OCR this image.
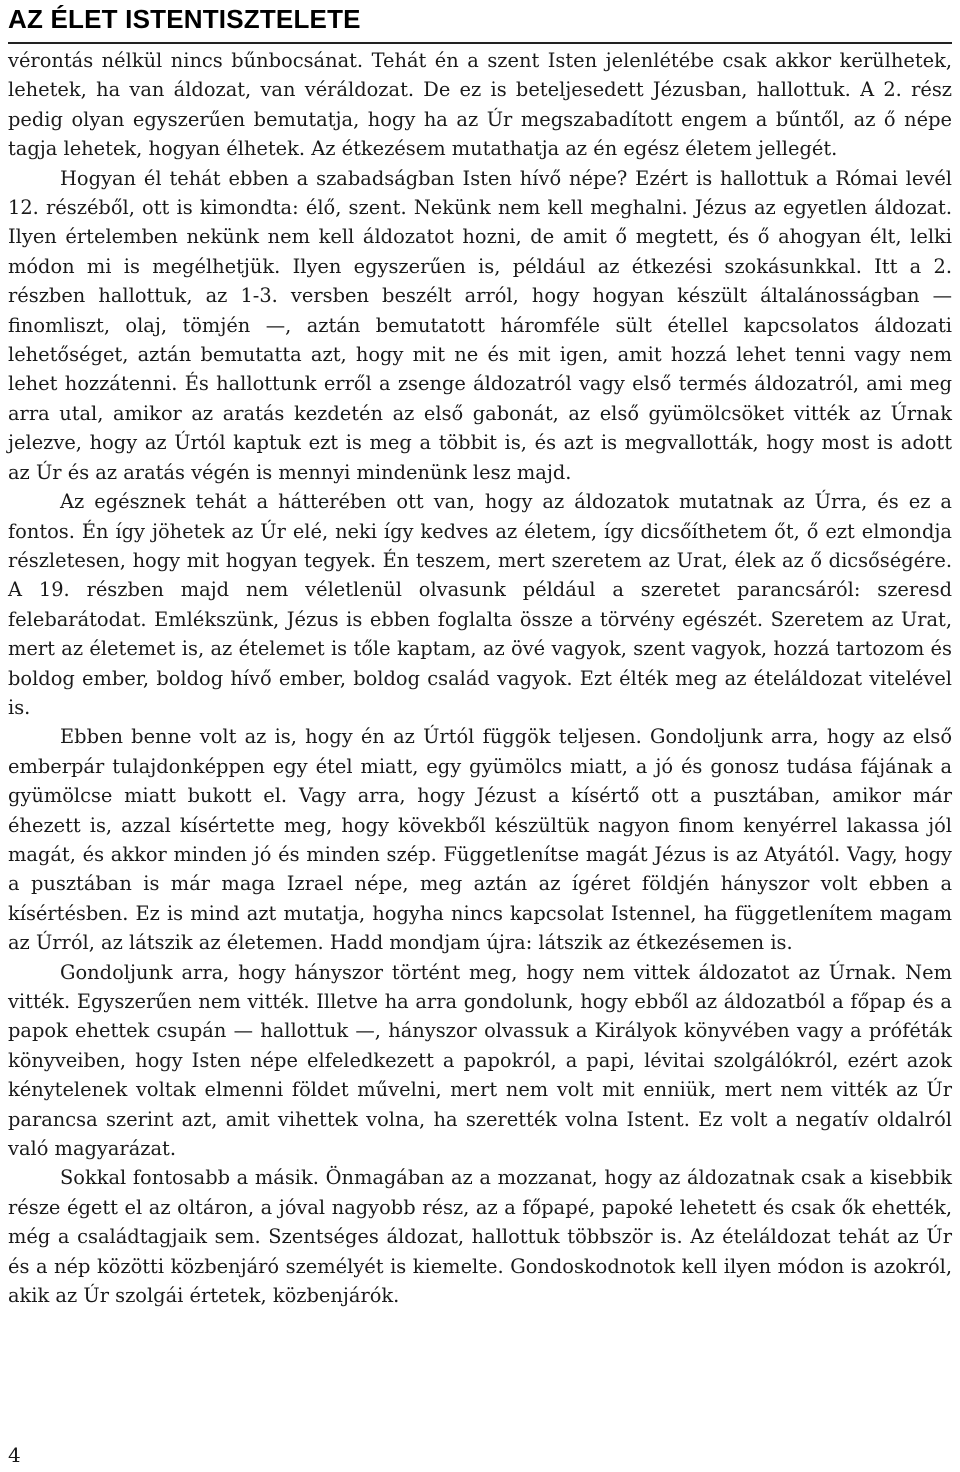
AZ ÉLET ISTENTISZTELETE

vérontás nélkül nincs bűnbocsánat. Tehát én a szent Isten jelenlétébe csak akkor kerülhetek, lehetek, ha van áldozat, van véráldozat. De ez is beteljesedett Jézusban, hallottuk. A 2. rész pedig olyan egyszerűen bemutatja, hogy ha az Úr megszabadított engem a bűntől, az ő népe tagja lehetek, hogyan élhetek. Az étkezésem mutathatja az én egész életem jellegét.

Hogyan él tehát ebben a szabadságban Isten hívő népe? Ezért is hallottuk a Római levél 12. részéből, ott is kimondta: élő, szent. Nekünk nem kell meghalni. Jézus az egyetlen áldozat. Ilyen értelemben nekünk nem kell áldozatot hozni, de amit ő megtett, és ő ahogyan élt, lelki módon mi is megélhetjük. Ilyen egyszerűen is, például az étkezési szokásunkkal. Itt a 2. részben hallottuk, az 1-3. versben beszélt arról, hogy hogyan készült általánosságban — finomliszt, olaj, tömjén —, aztán bemutatott háromféle sült étellel kapcsolatos áldozati lehetőséget, aztán bemutatta azt, hogy mit ne és mit igen, amit hozzá lehet tenni vagy nem lehet hozzátenni. És hallottunk erről a zsenge áldozatról vagy első termés áldozatról, ami meg arra utal, amikor az aratás kezdetén az első gabonát, az első gyümölcsöket vitték az Úrnak jelezve, hogy az Úrtól kaptuk ezt is meg a többit is, és azt is megvallották, hogy most is adott az Úr és az aratás végén is mennyi mindenünk lesz majd.

Az egésznek tehát a hátterében ott van, hogy az áldozatok mutatnak az Úrra, és ez a fontos. Én így jöhetek az Úr elé, neki így kedves az életem, így dicsőíthetem őt, ő ezt elmondja részletesen, hogy mit hogyan tegyek. Én teszem, mert szeretem az Urat, élek az ő dicsőségére. A 19. részben majd nem véletlenül olvasunk például a szeretet parancsáról: szeresd felebarátodat. Emlékszünk, Jézus is ebben foglalta össze a törvény egészét. Szeretem az Urat, mert az életemet is, az ételemet is tőle kaptam, az övé vagyok, szent vagyok, hozzá tartozom és boldog ember, boldog hívő ember, boldog család vagyok. Ezt élték meg az ételáldozat vitelével is.

Ebben benne volt az is, hogy én az Úrtól függök teljesen. Gondoljunk arra, hogy az első emberpár tulajdonképpen egy étel miatt, egy gyümölcs miatt, a jó és gonosz tudása fájának a gyümölcse miatt bukott el. Vagy arra, hogy Jézust a kísértő ott a pusztában, amikor már éhezett is, azzal kísértette meg, hogy kövekből készültük nagyon finom kenyérrel lakassa jól magát, és akkor minden jó és minden szép. Függetlenítse magát Jézus is az Atyától. Vagy, hogy a pusztában is már maga Izrael népe, meg aztán az ígéret földjén hányszor volt ebben a kísértésben. Ez is mind azt mutatja, hogyha nincs kapcsolat Istennel, ha függetlenítem magam az Úrról, az látszik az életemen. Hadd mondjam újra: látszik az étkezésemen is.

Gondoljunk arra, hogy hányszor történt meg, hogy nem vittek áldozatot az Úrnak. Nem vitték. Egyszerűen nem vitték. Illetve ha arra gondolunk, hogy ebből az áldozatból a főpap és a papok ehettek csupán — hallottuk —, hányszor olvassuk a Királyok könyvében vagy a próféták könyveiben, hogy Isten népe elfeledkezett a papokról, a papi, lévitai szolgálókról, ezért azok kénytelenek voltak elmenni földet művelni, mert nem volt mit enniük, mert nem vitték az Úr parancsa szerint azt, amit vihettek volna, ha szerették volna Istent. Ez volt a negatív oldalról való magyarázat.

Sokkal fontosabb a másik. Önmagában az a mozzanat, hogy az áldozatnak csak a kisebbik része égett el az oltáron, a jóval nagyobb rész, az a főpapé, papoké lehetett és csak ők ehették, még a családtagjaik sem. Szentséges áldozat, hallottuk többször is. Az ételáldozat tehát az Úr és a nép közötti közbenjáró személyét is kiemelte. Gondoskodnotok kell ilyen módon is azokról, akik az Úr szolgái értetek, közbenjárók.

4
